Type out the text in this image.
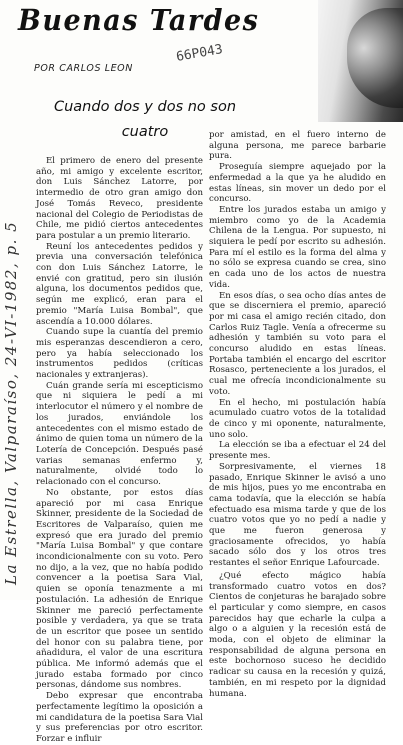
Buenas Tardes
66P043
POR CARLOS LEON
Cuando dos y dos no son cuatro
La Estrella, Valparaíso, 24-VI-1982, p. 5

El primero de enero del presente año, mi amigo y excelente escritor, don Luis Sánchez Latorre, por intermedio de otro gran amigo don José Tomás Reveco, presidente nacional del Colegio de Periodistas de Chile, me pidió ciertos antecedentes para postular a un premio literario.

Reuní los antecedentes pedidos y previa una conversación telefónica con don Luis Sánchez Latorre, le envié con gratitud, pero sin ilusión alguna, los documentos pedidos que, según me explicó, eran para el premio "María Luisa Bombal", que ascendía a 10.000 dólares.

Cuando supe la cuantía del premio mis esperanzas descendieron a cero, pero ya había seleccionado los instrumentos pedidos (críticas nacionales y extranjeras).

Cuán grande sería mi escepticismo que ni siquiera le pedí a mi interlocutor el número y el nombre de los jurados, enviándole los antecedentes con el mismo estado de ánimo de quien toma un número de la Lotería de Concepción. Después pasé varias semanas enfermo y, naturalmente, olvidé todo lo relacionado con el concurso.

No obstante, por estos días apareció por mi casa Enrique Skinner, presidente de la Sociedad de Escritores de Valparaíso, quien me expresó que era jurado del premio "María Luisa Bombal" y que contare incondicionalmente con su voto. Pero no dijo, a la vez, que no había podido convencer a la poetisa Sara Vial, quien se oponía tenazmente a mi postulación. La adhesión de Enrique Skinner me pareció perfectamente posible y verdadera, ya que se trata de un escritor que posee un sentido del honor con su palabra tiene, por añadidura, el valor de una escritura pública. Me informó además que el jurado estaba formado por cinco personas, dándome sus nombres.

Debo expresar que encontraba perfectamente legítimo la oposición a mi candidatura de la poetisa Sara Vial y sus preferencias por otro escritor. Forzar e influir

por amistad, en el fuero interno de alguna persona, me parece barbarie pura.

Proseguía siempre aquejado por la enfermedad a la que ya he aludido en estas líneas, sin mover un dedo por el concurso.

Entre los jurados estaba un amigo y miembro como yo de la Academia Chilena de la Lengua. Por supuesto, ni siquiera le pedí por escrito su adhesión. Para mí el estilo es la forma del alma y no sólo se expresa cuando se crea, sino en cada uno de los actos de nuestra vida.

En esos días, o sea ocho días antes de que se discerniera el premio, apareció por mi casa el amigo recién citado, don Carlos Ruiz Tagle. Venía a ofrecerme su adhesión y también su voto para el concurso aludido en estas líneas. Portaba también el encargo del escritor Rosasco, perteneciente a los jurados, el cual me ofrecía incondicionalmente su voto.

En el hecho, mi postulación había acumulado cuatro votos de la totalidad de cinco y mi oponente, naturalmente, uno solo.

La elección se iba a efectuar el 24 del presente mes.

Sorpresivamente, el viernes 18 pasado, Enrique Skinner le avisó a uno de mis hijos, pues yo me encontraba en cama todavía, que la elección se había efectuado esa misma tarde y que de los cuatro votos que yo no pedí a nadie y que me fueron generosa y graciosamente ofrecidos, yo había sacado sólo dos y los otros tres restantes el señor Enrique Lafourcade.

¿Qué efecto mágico había transformado cuatro votos en dos? Cientos de conjeturas he barajado sobre el particular y como siempre, en casos parecidos hay que echarle la culpa a algo o a alguien y la recesión está de moda, con el objeto de eliminar la responsabilidad de alguna persona en este bochornoso suceso he decidido radicar su causa en la recesión y quizá, también, en mi respeto por la dignidad humana.
